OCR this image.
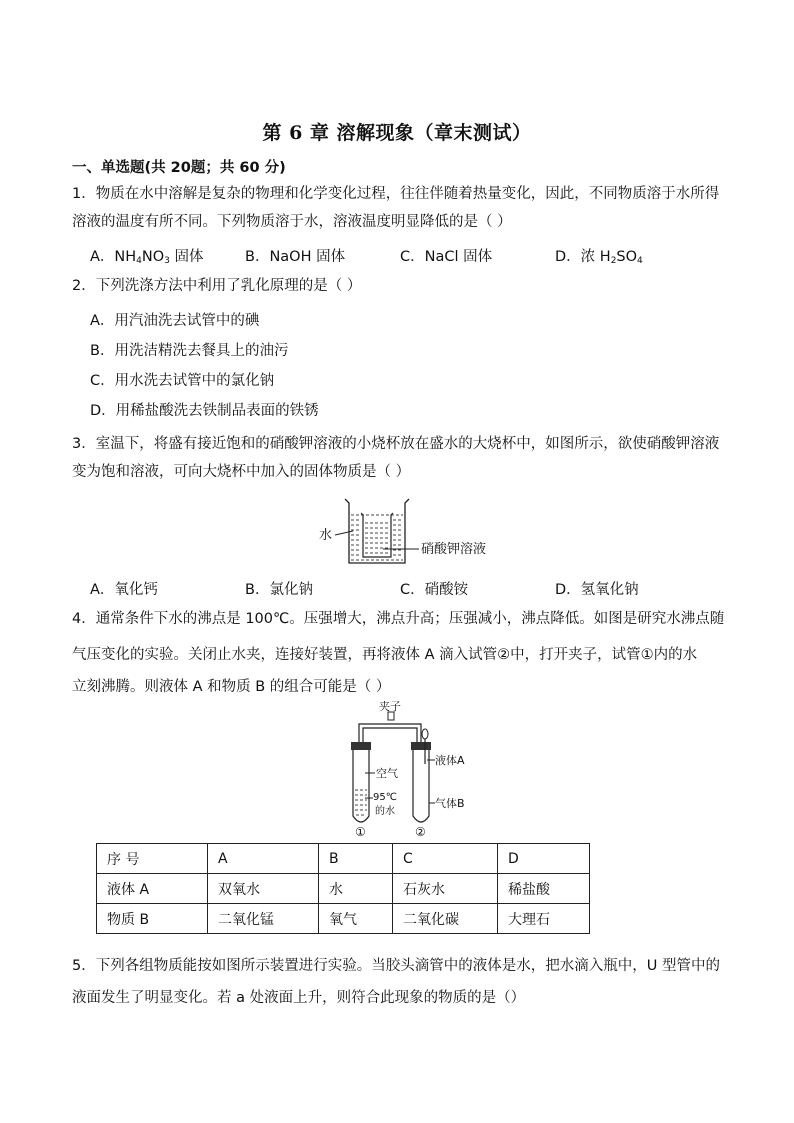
第 6 章 溶解现象（章末测试）
一、单选题(共 20题；共 60 分)
1．物质在水中溶解是复杂的物理和化学变化过程，往往伴随着热量变化，因此，不同物质溶于水所得
溶液的温度有所不同。下列物质溶于水，溶液温度明显降低的是（ ）
A．$NH_4NO_3$ 固体	B．NaOH 固体	C．NaCl 固体	D．浓 $H_2SO_4$
2．下列洗涤方法中利用了乳化原理的是（ ）
A．用汽油洗去试管中的碘
B．用洗洁精洗去餐具上的油污
C．用水洗去试管中的氯化钠
D．用稀盐酸洗去铁制品表面的铁锈
3．室温下，将盛有接近饱和的硝酸钾溶液的小烧杯放在盛水的大烧杯中，如图所示，欲使硝酸钾溶液
变为饱和溶液，可向大烧杯中加入的固体物质是（ ）
水
硝酸钾溶液
A．氧化钙	B．氯化钠	C．硝酸铵	D．氢氧化钠
4．通常条件下水的沸点是 100℃。压强增大，沸点升高；压强减小，沸点降低。如图是研究水沸点随
气压变化的实验。关闭止水夹，连接好装置，再将液体 A 滴入试管②中，打开夹子，试管①内的水
立刻沸腾。则液体 A 和物质 B 的组合可能是（ ）
夹子
空气
95℃
的水
液体A
气体B
①	②
序 号	A	B	C	D
液体 A	双氧水	水	石灰水	稀盐酸
物质 B	二氧化锰	氧气	二氧化碳	大理石
5．下列各组物质能按如图所示装置进行实验。当胶头滴管中的液体是水，把水滴入瓶中，U 型管中的
液面发生了明显变化。若 a 处液面上升，则符合此现象的物质的是（）
